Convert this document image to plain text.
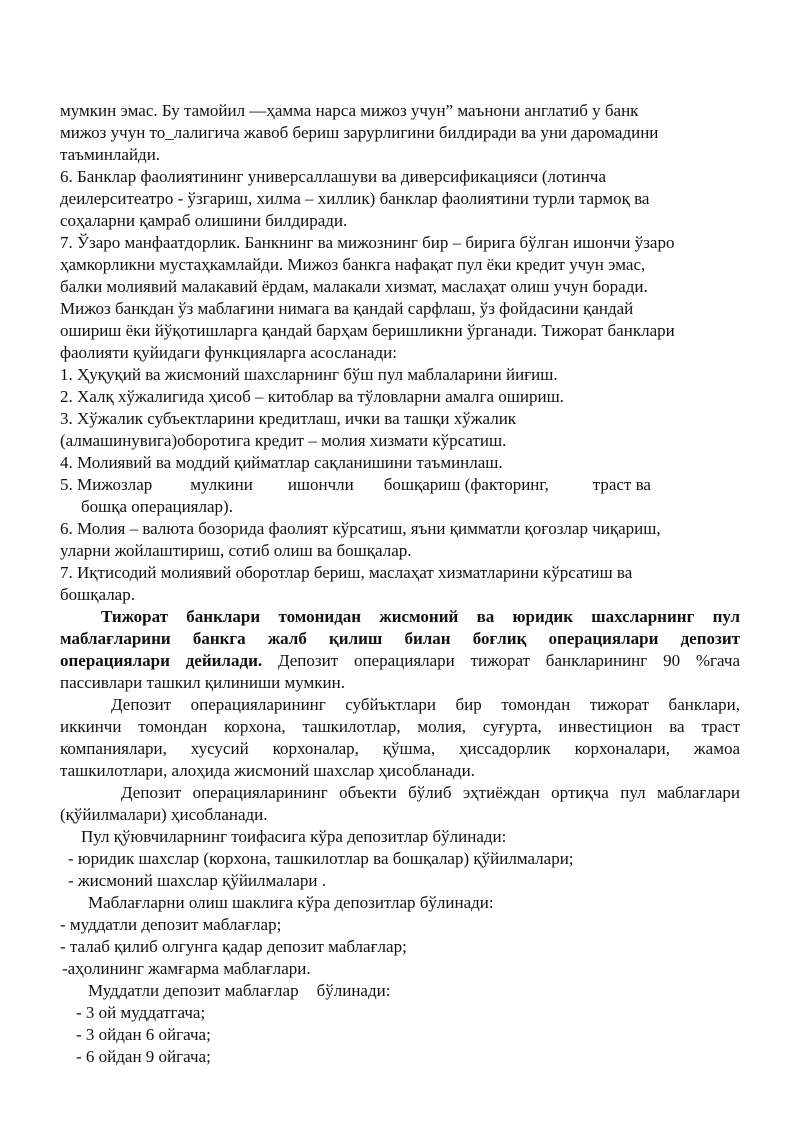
мумкин эмас. Бу тамойил —ҳамма нарса мижоз учун” маънони англатиб у банк
мижоз учун то_лалигича жавоб бериш зарурлигини билдиради ва уни даромадини
таъминлайди.
6. Банклар фаолиятининг универсаллашуви ва диверсификацияси (лотинча
деилерситеатро - ўзгариш, хилма – хиллик) банклар фаолиятини турли тармоқ ва
соҳаларни қамраб олишини билдиради.
7. Ўзаро манфаатдорлик. Банкнинг ва мижознинг бир – бирига бўлган ишончи ўзаро
ҳамкорликни мустаҳкамлайди. Мижоз банкга нафақат пул ёки кредит учун эмас,
балки молиявий малакавий ёрдам, малакали хизмат, маслаҳат олиш учун боради.
Мижоз банкдан ўз маблағини нимага ва қандай сарфлаш, ўз фойдасини қандай
ошириш ёки йўқотишларга қандай барҳам беришликни ўрганади. Тижорат банклари
фаолияти қуйидаги функцияларга асосланади:
1. Ҳуқуқий ва жисмоний шахсларнинг бўш пул маблаларини йиғиш.
2. Халқ хўжалигида ҳисоб – китоблар ва тўловларни амалга ошириш.
3. Хўжалик субъектларини кредитлаш, ички ва ташқи хўжалик
(алмашинувига)оборотига кредит – молия хизмати кўрсатиш.
4. Молиявий ва моддий қийматлар сақланишини таъминлаш.
5. Мижозлар мулкини ишончли бошқариш (факторинг,	траст ва
бошқа операциялар).
6. Молия – валюта бозорида фаолият кўрсатиш, яъни қимматли қоғозлар чиқариш,
уларни жойлаштириш, сотиб олиш ва бошқалар.
7. Иқтисодий молиявий оборотлар бериш, маслаҳат хизматларини кўрсатиш ва
бошқалар.
Тижорат банклари томонидан жисмоний ва юридик шахсларнинг пул
маблағларини банкга жалб қилиш билан боғлиқ операциялари депозит
операциялари дейилади. Депозит операциялари тижорат банкларининг 90 %гача
пассивлари ташкил қилиниши мумкин.
Депозит операцияларининг субйъктлари бир томондан тижорат банклари,
иккинчи томондан корхона, ташкилотлар, молия, суғурта, инвестицион ва траст
компаниялари, хусусий корхоналар, қўшма, ҳиссадорлик корхоналари, жамоа
ташкилотлари, алоҳида жисмоний шахслар ҳисобланади.
Депозит операцияларининг объекти бўлиб эҳтиёждан ортиқча пул маблағлари
(қўйилмалари) ҳисобланади.
Пул қўювчиларнинг тоифасига кўра депозитлар бўлинади:
- юридик шахслар (корхона, ташкилотлар ва бошқалар) қўйилмалари;
- жисмоний шахслар қўйилмалари .
Маблағларни олиш шаклига кўра депозитлар бўлинади:
- муддатли депозит маблағлар;
- талаб қилиб олгунга қадар депозит маблағлар;
-аҳолининг жамғарма маблағлари.
Муддатли депозит маблағлар бўлинади:
- 3 ой муддатгача;
- 3 ойдан 6 ойгача;
- 6 ойдан 9 ойгача;
